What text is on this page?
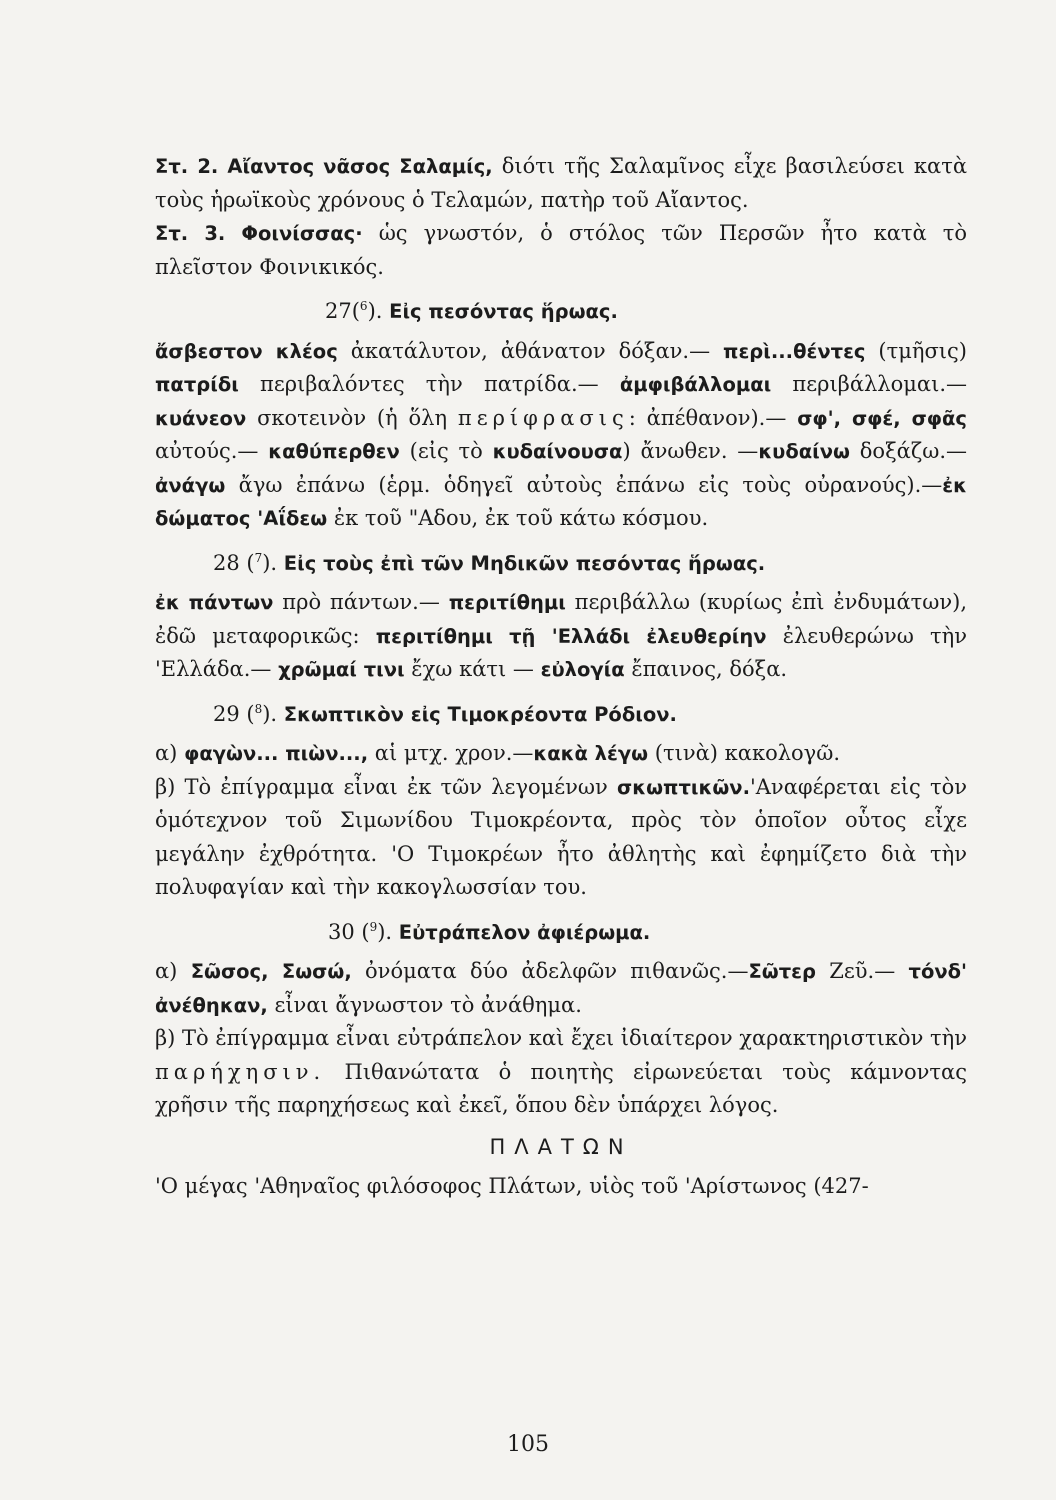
Στ. 2. Αἴαντος νᾶσος Σαλαμίς, διότι τῆς Σαλαμῖνος εἶχε βασιλεύσει κατὰ τοὺς ἡρωϊκοὺς χρόνους ὁ Τελαμών, πατὴρ τοῦ Αἴαντος.

Στ. 3. Φοινίσσας· ὡς γνωστόν, ὁ στόλος τῶν Περσῶν ἦτο κατὰ τὸ πλεῖστον Φοινικικός.

27($^6$). Εἰς πεσόντας ἥρωας.

ἄσβεστον κλέος ἀκατάλυτον, ἀθάνατον δόξαν.— περὶ...θέντες (τμῆσις) πατρίδι περιβαλόντες τὴν πατρίδα.— ἀμφιβάλλομαι περιβάλλομαι.— κυάνεον σκοτεινὸν (ἡ ὅλη περίφρασις: ἀπέθανον).— σφ', σφέ, σφᾶς αὐτούς.— καθύπερθεν (εἰς τὸ κυδαίνουσα) ἄνωθεν. —κυδαίνω δοξάζω.—ἀνάγω ἄγω ἐπάνω (ἑρμ. ὁδηγεῖ αὐτοὺς ἐπάνω εἰς τοὺς οὐρανούς).—ἐκ δώματος 'Αΐδεω ἐκ τοῦ "Αδου, ἐκ τοῦ κάτω κόσμου.

28 ($^7$). Εἰς τοὺς ἐπὶ τῶν Μηδικῶν πεσόντας ἥρωας.

ἐκ πάντων πρὸ πάντων.— περιτίθημι περιβάλλω (κυρίως ἐπὶ ἐνδυμάτων), ἐδῶ μεταφορικῶς: περιτίθημι τῇ 'Ελλάδι ἐλευθερίην ἐλευθερώνω τὴν 'Ελλάδα.— χρῶμαί τινι ἔχω κάτι — εὐλογία ἔπαινος, δόξα.

29 ($^8$). Σκωπτικὸν εἰς Τιμοκρέοντα Ρόδιον.

α) φαγὼν... πιὼν..., αἱ μτχ. χρον.—κακὰ λέγω (τινὰ) κακολογῶ.

β) Τὸ ἐπίγραμμα εἶναι ἐκ τῶν λεγομένων σκωπτικῶν.'Αναφέρεται εἰς τὸν ὁμότεχνον τοῦ Σιμωνίδου Τιμοκρέοντα, πρὸς τὸν ὁποῖον οὗτος εἶχε μεγάλην ἐχθρότητα. 'Ο Τιμοκρέων ἦτο ἀθλητὴς καὶ ἐφημίζετο διὰ τὴν πολυφαγίαν καὶ τὴν κακογλωσσίαν του.

30 ($^9$). Εὐτράπελον ἀφιέρωμα.

α) Σῶσος, Σωσώ, ὀνόματα δύο ἀδελφῶν πιθανῶς.—Σῶτερ Ζεῦ.— τόνδ' ἀνέθηκαν, εἶναι ἄγνωστον τὸ ἀνάθημα.

β) Τὸ ἐπίγραμμα εἶναι εὐτράπελον καὶ ἔχει ἰδιαίτερον χαρακτηριστικὸν τὴν παρήχησιν. Πιθανώτατα ὁ ποιητὴς εἰρωνεύεται τοὺς κάμνοντας χρῆσιν τῆς παρηχήσεως καὶ ἐκεῖ, ὅπου δὲν ὑπάρχει λόγος.

ΠΛΑΤΩΝ

'Ο μέγας 'Αθηναῖος φιλόσοφος Πλάτων, υἱὸς τοῦ 'Αρίστωνος (427-

105
